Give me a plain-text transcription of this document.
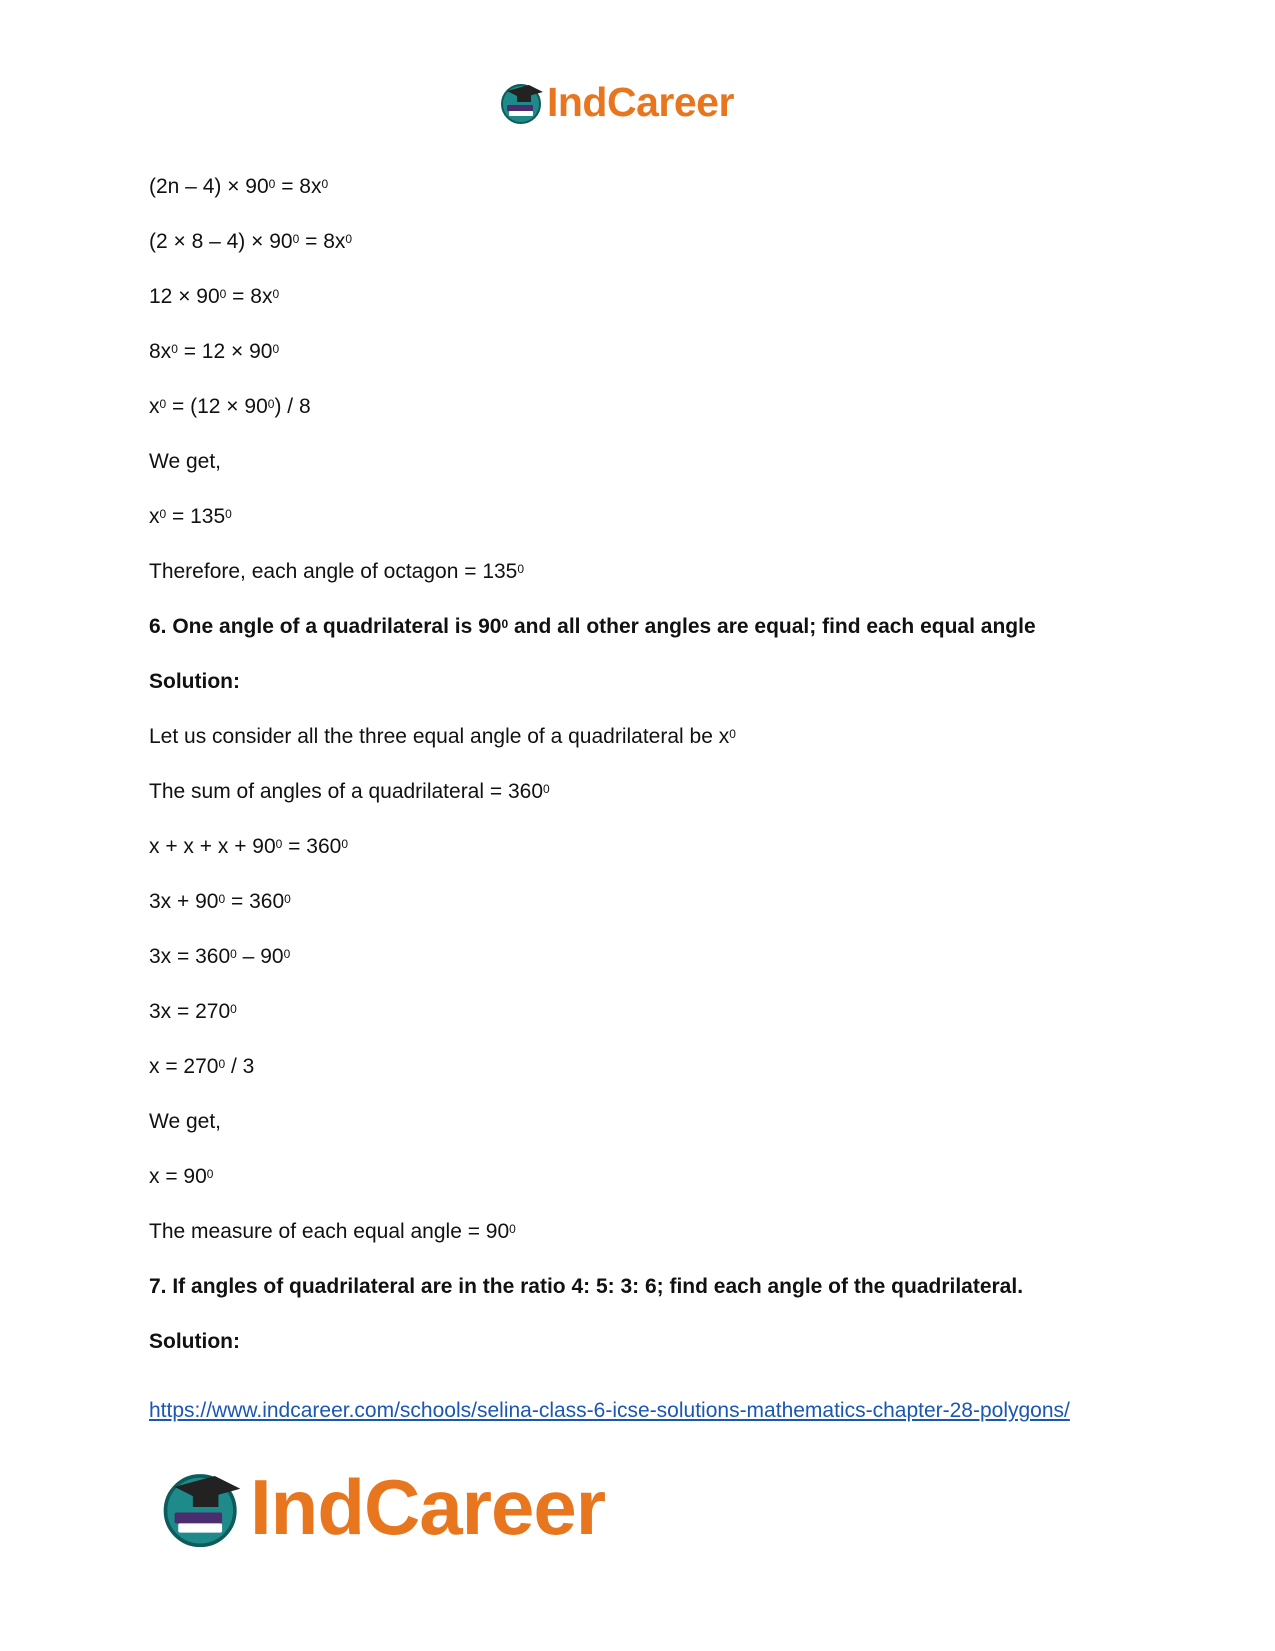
IndCareer
$(2n - 4) \times 90^0 = 8x^0$
$(2 \times 8 - 4) \times 90^0 = 8x^0$
$12 \times 90^0 = 8x^0$
$8x^0 = 12 \times 90^0$
$x^0 = (12 \times 90^0) / 8$
We get,
$x^0 = 135^0$
Therefore, each angle of octagon = $135^0$
6. One angle of a quadrilateral is $90^0$ and all other angles are equal; find each equal angle
Solution:
Let us consider all the three equal angle of a quadrilateral be $x^0$
The sum of angles of a quadrilateral = $360^0$
$x + x + x + 90^0 = 360^0$
$3x + 90^0 = 360^0$
$3x = 360^0 - 90^0$
$3x = 270^0$
$x = 270^0 / 3$
We get,
$x = 90^0$
The measure of each equal angle = $90^0$
7. If angles of quadrilateral are in the ratio 4: 5: 3: 6; find each angle of the quadrilateral.
Solution:
https://www.indcareer.com/schools/selina-class-6-icse-solutions-mathematics-chapter-28-polygons/
IndCareer
